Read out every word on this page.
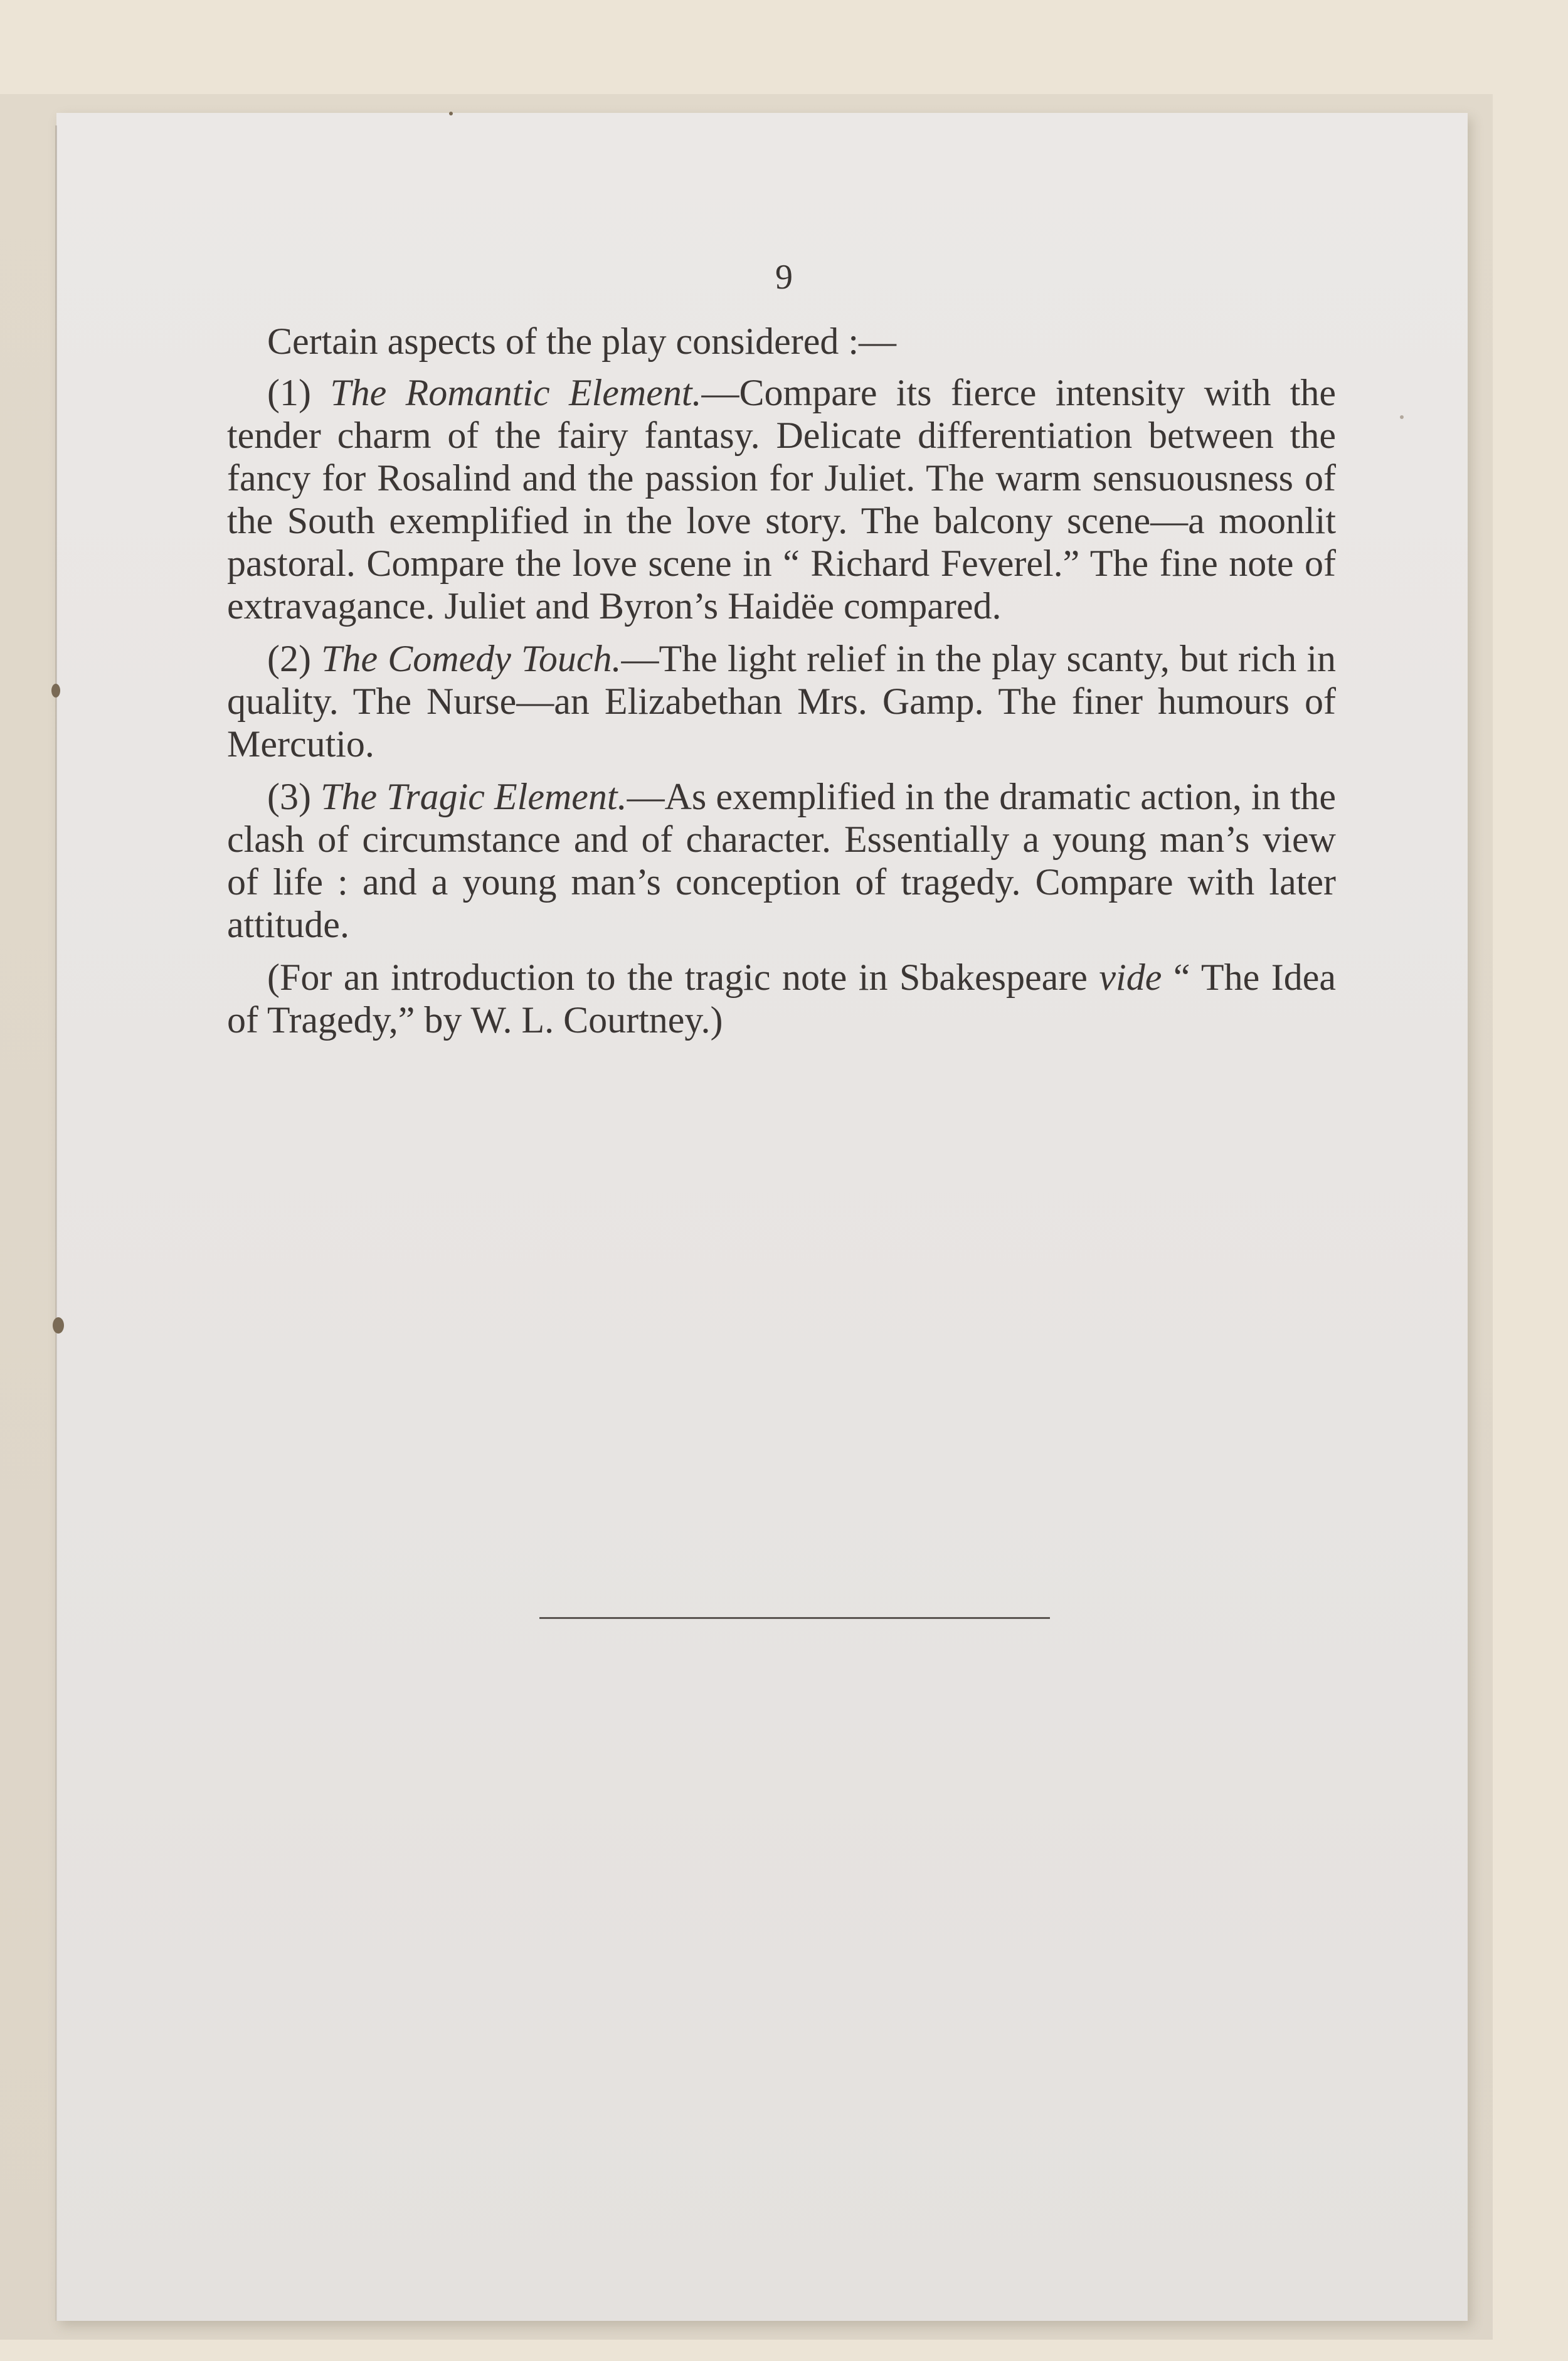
9

Certain aspects of the play considered :—

(1) The Romantic Element.—Compare its fierce intensity with the tender charm of the fairy fantasy. Delicate differentiation between the fancy for Rosalind and the passion for Juliet. The warm sensuousness of the South exemplified in the love story. The balcony scene—a moonlit pastoral. Compare the love scene in “ Richard Feverel.” The fine note of extravagance. Juliet and Byron’s Haidëe compared.

(2) The Comedy Touch.—The light relief in the play scanty, but rich in quality. The Nurse—an Elizabethan Mrs. Gamp. The finer humours of Mercutio.

(3) The Tragic Element.—As exemplified in the dramatic action, in the clash of circumstance and of character. Essentially a young man’s view of life : and a young man’s conception of tragedy. Compare with later attitude.

(For an introduction to the tragic note in Sbakespeare vide “ The Idea of Tragedy,” by W. L. Courtney.)
